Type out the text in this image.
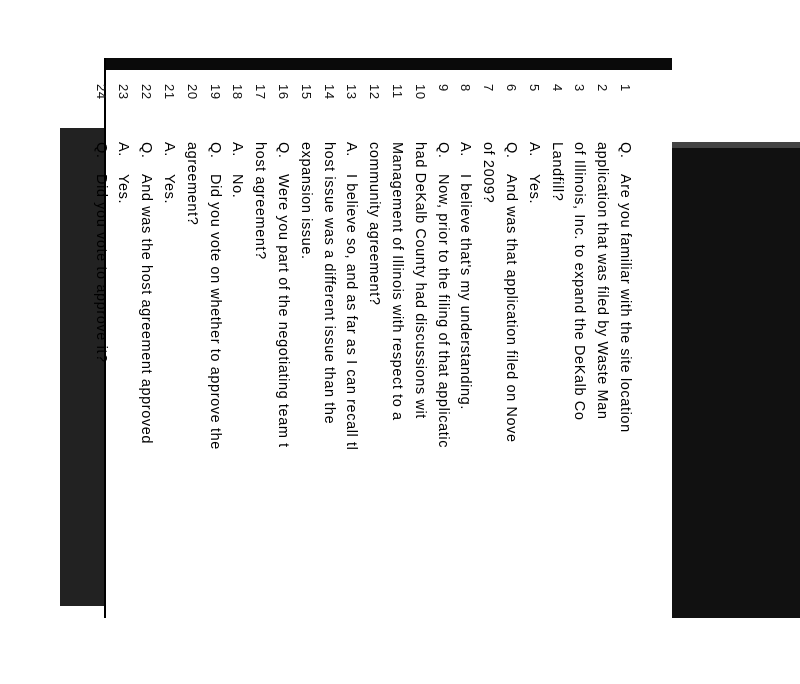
1
Q.
Are you familiar with the site location
2
application that was filed by Waste Man
3
of Illinois, Inc. to expand the DeKalb Co
4
Landfill?
5
A.
Yes.
6
Q.
And was that application filed on Nove
7
of 2009?
8
A.
I believe that's my understanding.
9
Q.
Now, prior to the filing of that applicatic
10
had DeKalb County had discussions wit
11
Management of Illinois with respect to a
12
community agreement?
13
A.
I believe so, and as far as I can recall tl
14
host issue was a different issue than the
15
expansion issue.
16
Q.
Were you part of the negotiating team t
17
host agreement?
18
A.
No.
19
Q.
Did you vote on whether to approve the
20
agreement?
21
A.
Yes.
22
Q.
And was the host agreement approved
23
A.
Yes.
24
Q.
Did you vote to approve it?
